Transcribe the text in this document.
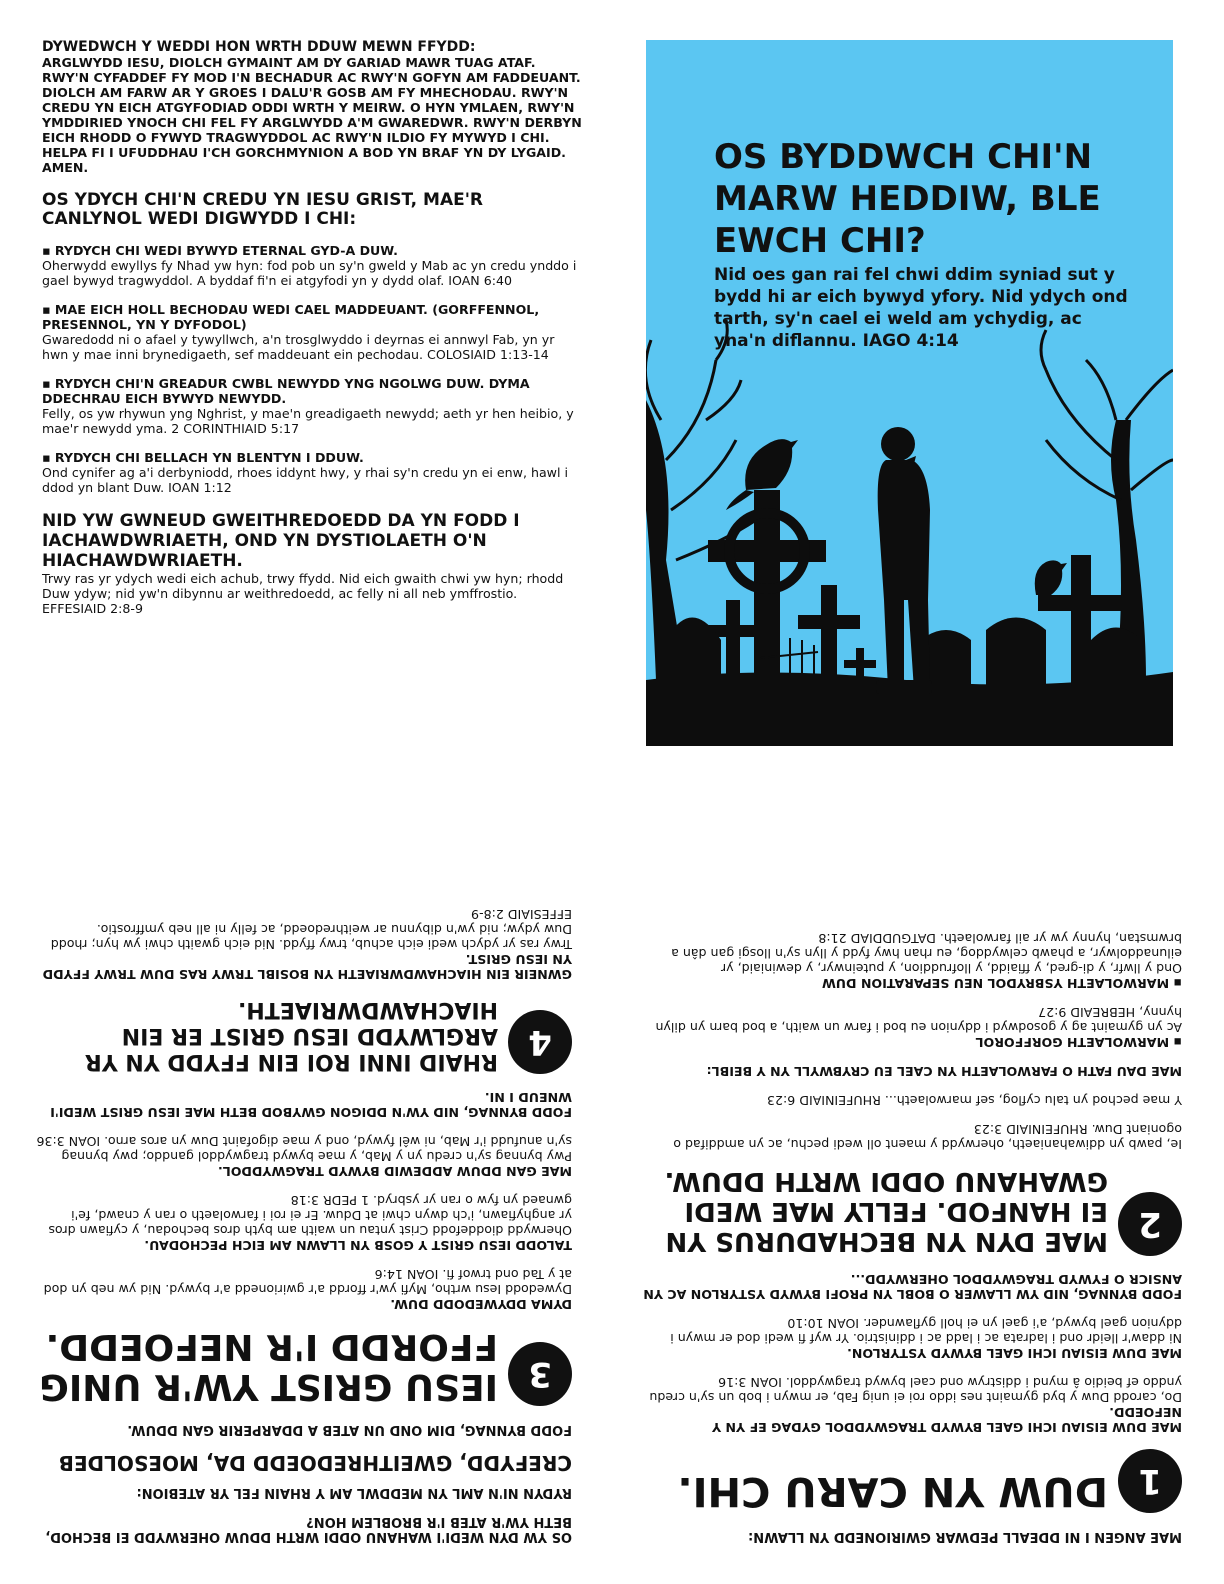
DYWEDWCH Y WEDDI HON WRTH DDUW MEWN FFYDD:
ARGLWYDD IESU, DIOLCH GYMAINT AM DY GARIAD MAWR TUAG ATAF. RWY'N CYFADDEF FY MOD I'N BECHADUR AC RWY'N GOFYN AM FADDEUANT. DIOLCH AM FARW AR Y GROES I DALU'R GOSB AM FY MHECHODAU. RWY'N CREDU YN EICH ATGYFODIAD ODDI WRTH Y MEIRW. O HYN YMLAEN, RWY'N YMDDIRIED YNOCH CHI FEL FY ARGLWYDD A'M GWAREDWR. RWY'N DERBYN EICH RHODD O FYWYD TRAGWYDDOL AC RWY'N ILDIO FY MYWYD I CHI. HELPA FI I UFUDDHAU I'CH GORCHMYNION A BOD YN BRAF YN DY LYGAID. AMEN.
OS YDYCH CHI'N CREDU YN IESU GRIST, MAE'R CANLYNOL WEDI DIGWYDD I CHI:
▪ RYDYCH CHI WEDI BYWYD ETERNAL GYD-A DUW.
Oherwydd ewyllys fy Nhad yw hyn: fod pob un sy'n gweld y Mab ac yn credu ynddo i gael bywyd tragwyddol. A byddaf fi'n ei atgyfodi yn y dydd olaf. IOAN 6:40
▪ MAE EICH HOLL BECHODAU WEDI CAEL MADDEUANT. (GORFFENNOL, PRESENNOL, YN Y DYFODOL)
Gwaredodd ni o afael y tywyllwch, a'n trosglwyddo i deyrnas ei annwyl Fab, yn yr hwn y mae inni brynedigaeth, sef maddeuant ein pechodau. COLOSIAID 1:13-14
▪ RYDYCH CHI'N GREADUR CWBL NEWYDD YNG NGOLWG DUW. DYMA DDECHRAU EICH BYWYD NEWYDD.
Felly, os yw rhywun yng Nghrist, y mae'n greadigaeth newydd; aeth yr hen heibio, y mae'r newydd yma. 2 CORINTHIAID 5:17
▪ RYDYCH CHI BELLACH YN BLENTYN I DDUW.
Ond cynifer ag a'i derbyniodd, rhoes iddynt hwy, y rhai sy'n credu yn ei enw, hawl i ddod yn blant Duw. IOAN 1:12
NID YW GWNEUD GWEITHREDOEDD DA YN FODD I IACHAWDWRIAETH, OND YN DYSTIOLAETH O'N HIACHAWDWRIAETH.
Trwy ras yr ydych wedi eich achub, trwy ffydd. Nid eich gwaith chwi yw hyn; rhodd Duw ydyw; nid yw'n dibynnu ar weithredoedd, ac felly ni all neb ymffrostio. EFFESIAID 2:8-9
OS BYDDWCH CHI'N MARW HEDDIW, BLE EWCH CHI?
Nid oes gan rai fel chwi ddim syniad sut y bydd hi ar eich bywyd yfory. Nid ydych ond tarth, sy'n cael ei weld am ychydig, ac yna'n diflannu. IAGO 4:14
MAE ANGEN I NI DDEALL PEDWAR GWIRIONEDD YN LLAWN:
1
DUW YN CARU CHI.
MAE DUW EISIAU ICHI GAEL BYWYD TRAGWYDDOL GYDAG EF YN Y NEFOEDD.
Do, carodd Duw y byd gymaint nes iddo roi ei unig Fab, er mwyn i bob un sy'n credu ynddo ef beidio â mynd i ddistryw ond cael bywyd tragwyddol. IOAN 3:16
MAE DUW EISIAU ICHI GAEL BYWYD YSTYRLON.
Ni ddaw'r lleidr ond i ladrata ac i ladd ac i ddinistrio. Yr wyf fi wedi dod er mwyn i ddynion gael bywyd, a'i gael yn ei holl gyflawnder. IOAN 10:10
FODD BYNNAG, NID YW LLAWER O BOBL YN PROFI BYWYD YSTYRLON AC YN ANSICR O FYWYD TRAGWYDDOL OHERWYDD...
2
MAE DYN YN BECHADURUS YN EI HANFOD. FELLY MAE WEDI GWAHANU ODDI WRTH DDUW.
Ie, pawb yn ddiwahaniaeth, oherwydd y maent oll wedi pechu, ac yn amddifad o ogoniant Duw. RHUFEINIAID 3:23
Y mae pechod yn talu cyflog, sef marwolaeth... RHUFEINIAID 6:23
MAE DAU FATH O FARWOLAETH YN CAEL EU CRYBWYLL YN Y BEIBL:
▪ MARWOLAETH GORFFOROL
Ac yn gymaint ag y gosodwyd i ddynion eu bod i farw un waith, a bod barn yn dilyn hynny, HEBREAID 9:27
▪ MARWOLAETH YSBRYDOL NEU SEPARATION DUW
Ond y llwfr, y di-gred, y ffiaidd, y llofruddion, y puteinwyr, y dewiniaid, yr eilunaddolwyr, a phawb celwyddog, eu rhan hwy fydd y llyn sy'n llosgi gan dân a brwmstan, hynny yw yr ail farwolaeth. DATGUDDIAD 21:8
OS YW DYN WEDI'I WAHANU ODDI WRTH DDUW OHERWYDD EI BECHOD, BETH YW'R ATEB I'R BROBLEM HON?
RYDYN NI'N AML YN MEDDWL AM Y RHAIN FEL YR ATEBION:
CREFYDD, GWEITHREDOEDD DA, MOESOLDEB
FODD BYNNAG, DIM OND UN ATEB A DDARPERIR GAN DDUW.
3
IESU GRIST YW'R UNIG FFORDD I'R NEFOEDD.
DYMA DDYWEDODD DUW.
Dywedodd Iesu wrtho, Myfi yw'r ffordd a'r gwirionedd a'r bywyd. Nid yw neb yn dod at y Tad ond trwof fi. IOAN 14:6
TALODD IESU GRIST Y GOSB YN LLAWN AM EICH PECHODAU.
Oherwydd dioddefodd Crist yntau un waith am byth dros bechodau, y cyfiawn dros yr anghyfiawn, i'ch dwyn chwi at Dduw. Er ei roi i farwolaeth o ran y cnawd, fe'i gwnaed yn fyw o ran yr ysbryd. 1 PEDR 3:18
MAE GAN DDUW ADDEWID BYWYD TRAGWYDDOL.
Pwy bynnag sy'n credu yn y Mab, y mae bywyd tragwyddol ganddo; pwy bynnag sy'n anufudd i'r Mab, ni wêl fywyd, ond y mae digofaint Duw yn aros arno. IOAN 3:36
FODD BYNNAG, NID YW'N DDIGON GWYBOD BETH MAE IESU GRIST WEDI'I WNEUD I NI.
4
RHAID INNI ROI EIN FFYDD YN YR ARGLWYDD IESU GRIST ER EIN HIACHAWDWRIAETH.
GWNEIR EIN HIACHAWDWRIAETH YN BOSIBL TRWY RAS DUW TRWY FFYDD YN IESU GRIST.
Trwy ras yr ydych wedi eich achub, trwy ffydd. Nid eich gwaith chwi yw hyn; rhodd Duw ydyw; nid yw'n dibynnu ar weithredoedd, ac felly ni all neb ymffrostio. EFFESIAID 2:8-9
